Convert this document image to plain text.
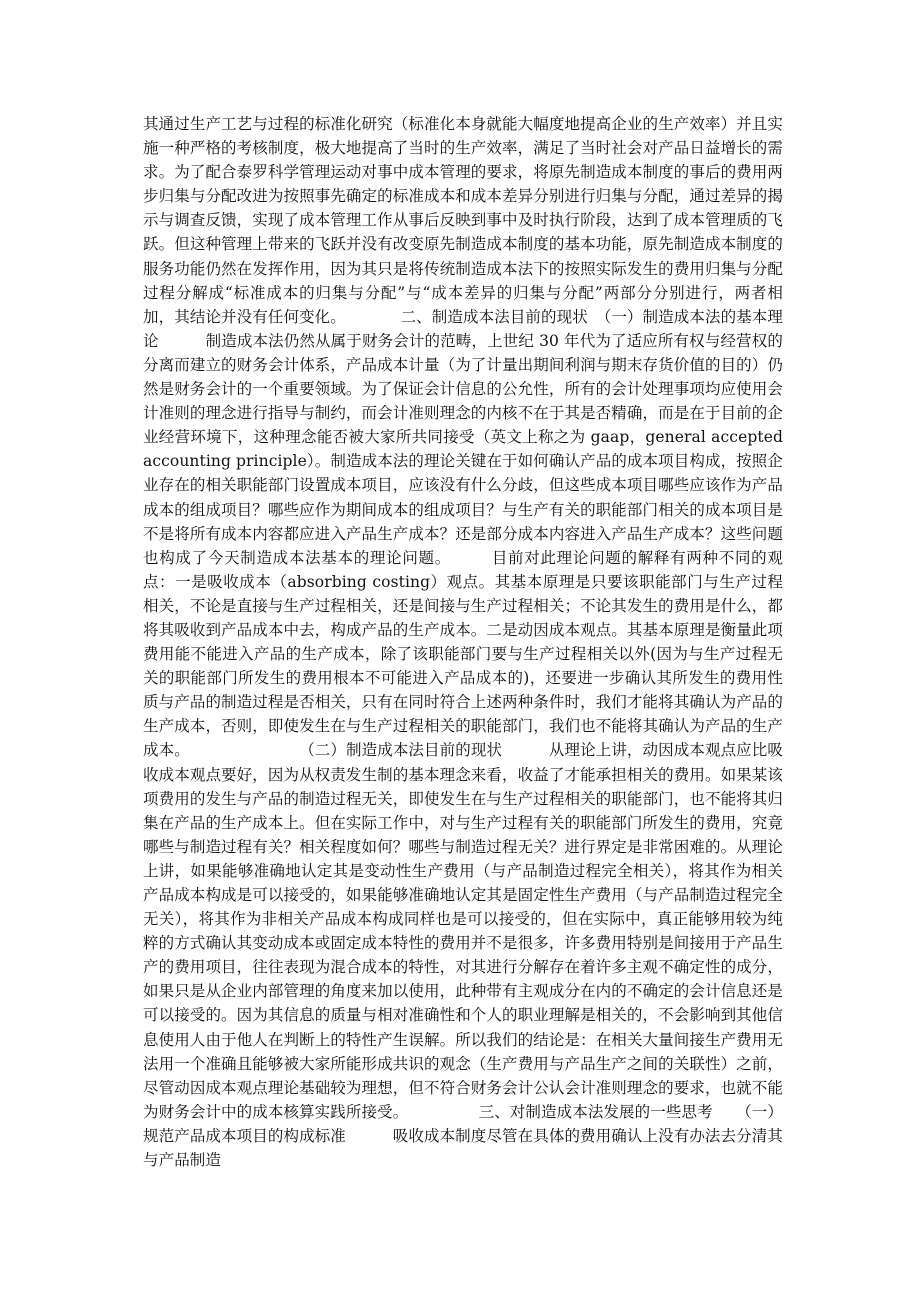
其通过生产工艺与过程的标准化研究（标准化本身就能大幅度地提高企业的生产效率）并且实施一种严格的考核制度，极大地提高了当时的生产效率，满足了当时社会对产品日益增长的需求。为了配合泰罗科学管理运动对事中成本管理的要求，将原先制造成本制度的事后的费用两步归集与分配改进为按照事先确定的标准成本和成本差异分别进行归集与分配，通过差异的揭示与调查反馈，实现了成本管理工作从事后反映到事中及时执行阶段，达到了成本管理质的飞跃。但这种管理上带来的飞跃并没有改变原先制造成本制度的基本功能，原先制造成本制度的服务功能仍然在发挥作用，因为其只是将传统制造成本法下的按照实际发生的费用归集与分配过程分解成“标准成本的归集与分配”与“成本差异的归集与分配”两部分分别进行，两者相加，其结论并没有任何变化。　　　　	二、制造成本法目前的现状　 （一）制造成本法的基本理论　　　	制造成本法仍然从属于财务会计的范畴，上世纪 30 年代为了适应所有权与经营权的分离而建立的财务会计体系，产品成本计量（为了计量出期间利润与期末存货价值的目的）仍然是财务会计的一个重要领域。为了保证会计信息的公允性，所有的会计处理事项均应使用会计准则的理念进行指导与制约，而会计准则理念的内核不在于其是否精确，而是在于目前的企业经营环境下，这种理念能否被大家所共同接受（英文上称之为 gaap，general accepted accounting principle）。制造成本法的理论关键在于如何确认产品的成本项目构成，按照企业存在的相关职能部门设置成本项目，应该没有什么分歧，但这些成本项目哪些应该作为产品成本的组成项目？哪些应作为期间成本的组成项目？与生产有关的职能部门相关的成本项目是不是将所有成本内容都应进入产品生产成本？还是部分成本内容进入产品生产成本？这些问题也构成了今天制造成本法基本的理论问题。　　　	目前对此理论问题的解释有两种不同的观点：一是吸收成本（absorbing costing）观点。其基本原理是只要该职能部门与生产过程相关，不论是直接与生产过程相关，还是间接与生产过程相关；不论其发生的费用是什么，都将其吸收到产品成本中去，构成产品的生产成本。二是动因成本观点。其基本原理是衡量此项费用能不能进入产品的生产成本，除了该职能部门要与生产过程相关以外(因为与生产过程无关的职能部门所发生的费用根本不可能进入产品成本的)，还要进一步确认其所发生的费用性质与产品的制造过程是否相关，只有在同时符合上述两种条件时，我们才能将其确认为产品的生产成本，否则，即使发生在与生产过程相关的职能部门，我们也不能将其确认为产品的生产成本。　　　　　　　　	（二）制造成本法目前的现状　　　	从理论上讲，动因成本观点应比吸收成本观点要好，因为从权责发生制的基本理念来看，收益了才能承担相关的费用。如果某该项费用的发生与产品的制造过程无关，即使发生在与生产过程相关的职能部门，也不能将其归集在产品的生产成本上。但在实际工作中，对与生产过程有关的职能部门所发生的费用，究竟哪些与制造过程有关？相关程度如何？哪些与制造过程无关？进行界定是非常困难的。从理论上讲，如果能够准确地认定其是变动性生产费用（与产品制造过程完全相关），将其作为相关产品成本构成是可以接受的，如果能够准确地认定其是固定性生产费用（与产品制造过程完全无关），将其作为非相关产品成本构成同样也是可以接受的，但在实际中，真正能够用较为纯粹的方式确认其变动成本或固定成本特性的费用并不是很多，许多费用特别是间接用于产品生产的费用项目，往往表现为混合成本的特性，对其进行分解存在着许多主观不确定性的成分，如果只是从企业内部管理的角度来加以使用，此种带有主观成分在内的不确定的会计信息还是可以接受的。因为其信息的质量与相对准确性和个人的职业理解是相关的，不会影响到其他信息使用人由于他人在判断上的特性产生误解。所以我们的结论是：在相关大量间接生产费用无法用一个准确且能够被大家所能形成共识的观念（生产费用与产品生产之间的关联性）之前，尽管动因成本观点理论基础较为理想，但不符合财务会计公认会计准则理念的要求，也就不能为财务会计中的成本核算实践所接受。　　　　　	三、对制造成本法发展的一些思考　　 （一）规范产品成本项目的构成标准　　　	吸收成本制度尽管在具体的费用确认上没有办法去分清其与产品制造
